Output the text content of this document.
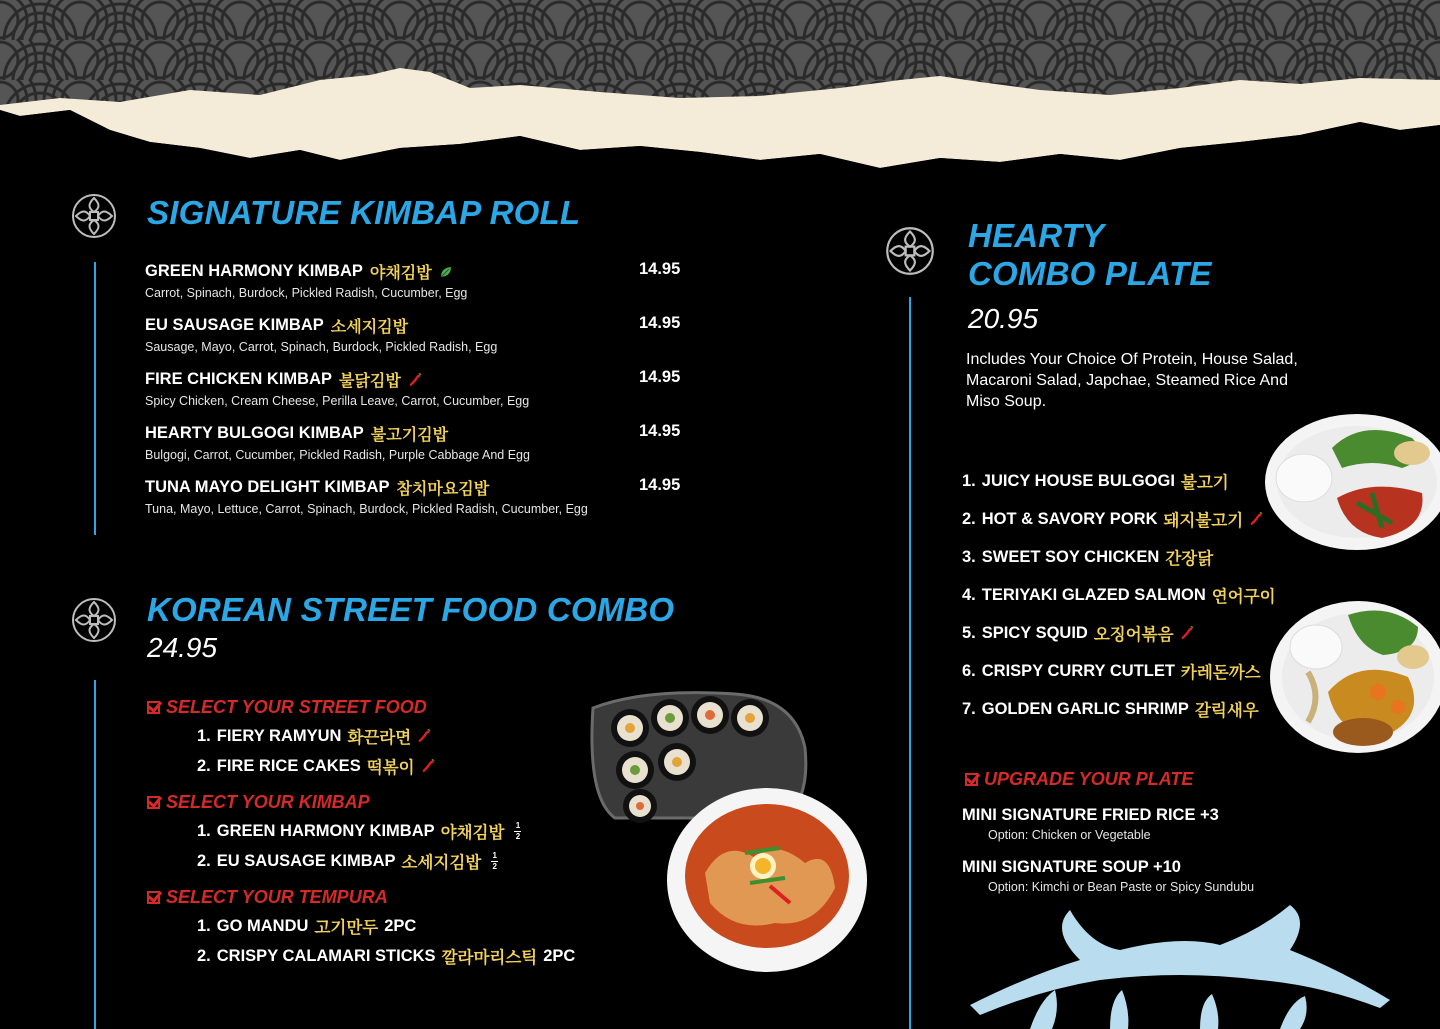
SIGNATURE KIMBAP ROLL
GREEN HARMONY KIMBAP 야채김밥
Carrot, Spinach, Burdock, Pickled Radish, Cucumber, Egg
14.95
EU SAUSAGE KIMBAP 소세지김밥
Sausage, Mayo, Carrot, Spinach, Burdock, Pickled Radish, Egg
14.95
FIRE CHICKEN KIMBAP 불닭김밥
Spicy Chicken, Cream Cheese, Perilla Leave, Carrot, Cucumber, Egg
14.95
HEARTY BULGOGI KIMBAP 불고기김밥
Bulgogi, Carrot, Cucumber, Pickled Radish, Purple Cabbage And Egg
14.95
TUNA MAYO DELIGHT KIMBAP 참치마요김밥
Tuna, Mayo, Lettuce, Carrot, Spinach, Burdock, Pickled Radish, Cucumber, Egg
14.95
KOREAN STREET FOOD COMBO
24.95
SELECT YOUR STREET FOOD
1. FIERY RAMYUN 화끈라면
2. FIRE RICE CAKES 떡볶이
SELECT YOUR KIMBAP
1. GREEN HARMONY KIMBAP 야채김밥 1
2
2. EU SAUSAGE KIMBAP 소세지김밥 1
2
SELECT YOUR TEMPURA
1. GO MANDU 고기만두 2PC
2. CRISPY CALAMARI STICKS 깔라마리스틱 2PC
HEARTY
COMBO PLATE
20.95
Includes Your Choice Of Protein, House Salad, Macaroni Salad, Japchae, Steamed Rice And Miso Soup.
1. JUICY HOUSE BULGOGI 불고기
2. HOT & SAVORY PORK 돼지불고기
3. SWEET SOY CHICKEN 간장닭
4. TERIYAKI GLAZED SALMON 연어구이
5. SPICY SQUID 오징어볶음
6. CRISPY CURRY CUTLET 카레돈까스
7. GOLDEN GARLIC SHRIMP 갈릭새우
UPGRADE YOUR PLATE
MINI SIGNATURE FRIED RICE +3
Option: Chicken or Vegetable
MINI SIGNATURE SOUP +10
Option: Kimchi or Bean Paste or Spicy Sundubu
